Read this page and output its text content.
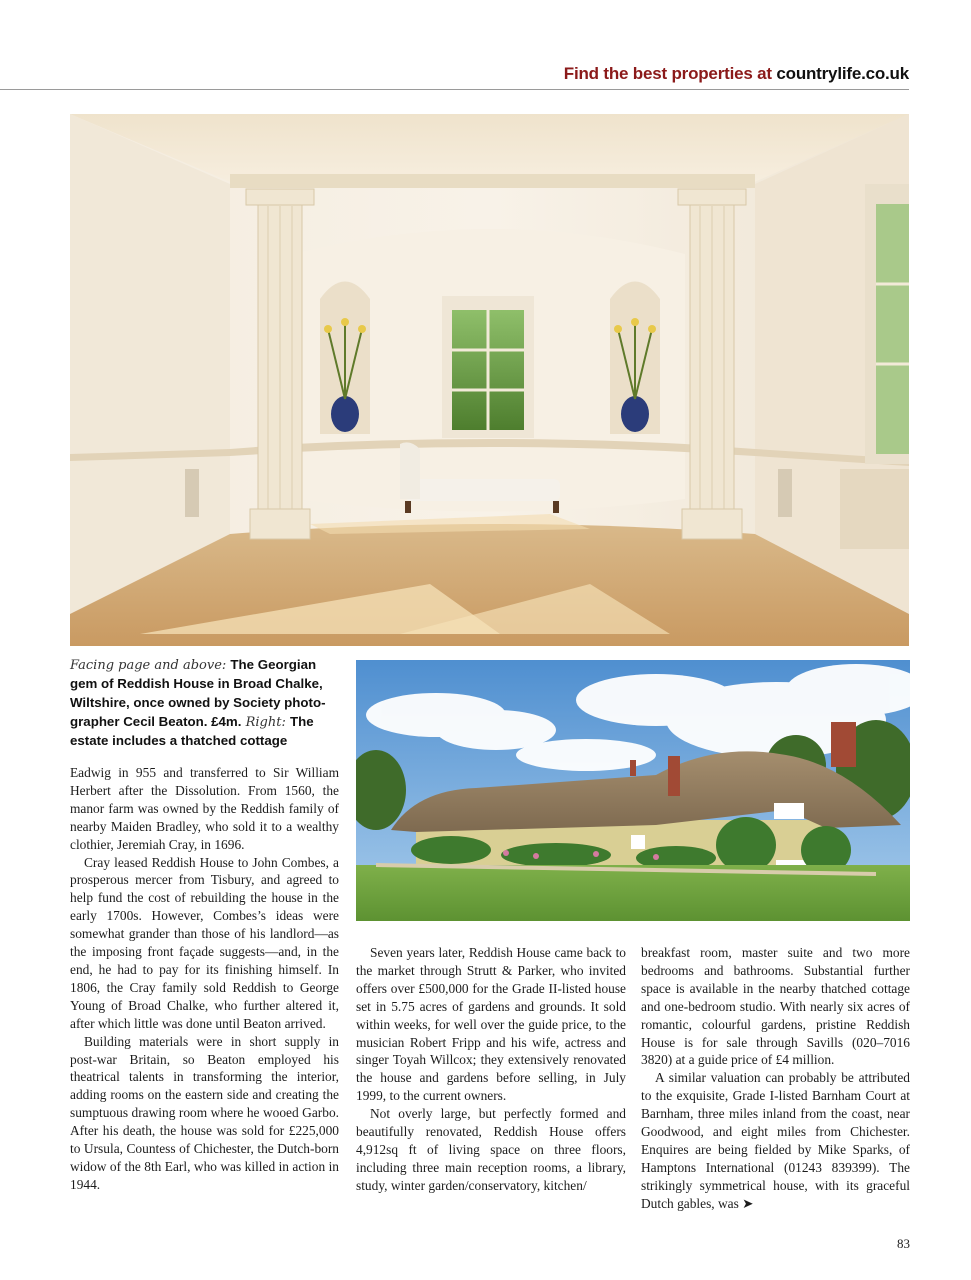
Find the best properties at countrylife.co.uk
Facing page and above: The Georgian gem of Reddish House in Broad Chalke, Wiltshire, once owned by Society photo-grapher Cecil Beaton. £4m. Right: The estate includes a thatched cottage

Eadwig in 955 and transferred to Sir William Herbert after the Dissolution. From 1560, the manor farm was owned by the Reddish family of nearby Maiden Bradley, who sold it to a wealthy clothier, Jeremiah Cray, in 1696.

Cray leased Reddish House to John Combes, a prosperous mercer from Tisbury, and agreed to help fund the cost of rebuilding the house in the early 1700s. However, Combes’s ideas were somewhat grander than those of his landlord—as the imposing front façade suggests—and, in the end, he had to pay for its finishing himself. In 1806, the Cray family sold Reddish to George Young of Broad Chalke, who further altered it, after which little was done until Beaton arrived.

Building materials were in short supply in post-war Britain, so Beaton employed his theatrical talents in transforming the interior, adding rooms on the eastern side and creating the sumptuous drawing room where he wooed Garbo. After his death, the house was sold for £225,000 to Ursula, Countess of Chichester, the Dutch-born widow of the 8th Earl, who was killed in action in 1944.

Seven years later, Reddish House came back to the market through Strutt & Parker, who invited offers over £500,000 for the Grade II-listed house set in 5.75 acres of gardens and grounds. It sold within weeks, for well over the guide price, to the musician Robert Fripp and his wife, actress and singer Toyah Willcox; they extensively renovated the house and gardens before selling, in July 1999, to the current owners.

Not overly large, but perfectly formed and beautifully renovated, Reddish House offers 4,912sq ft of living space on three floors, including three main reception rooms, a library, study, winter garden/conservatory, kitchen/

breakfast room, master suite and two more bedrooms and bathrooms. Substantial further space is available in the nearby thatched cottage and one-bedroom studio. With nearly six acres of romantic, colourful gardens, pristine Reddish House is for sale through Savills (020–7016 3820) at a guide price of £4 million.

A similar valuation can probably be attributed to the exquisite, Grade I-listed Barnham Court at Barnham, three miles inland from the coast, near Goodwood, and eight miles from Chichester. Enquires are being fielded by Mike Sparks, of Hamptons International (01243 839399). The strikingly symmetrical house, with its graceful Dutch gables, was ➤

83
